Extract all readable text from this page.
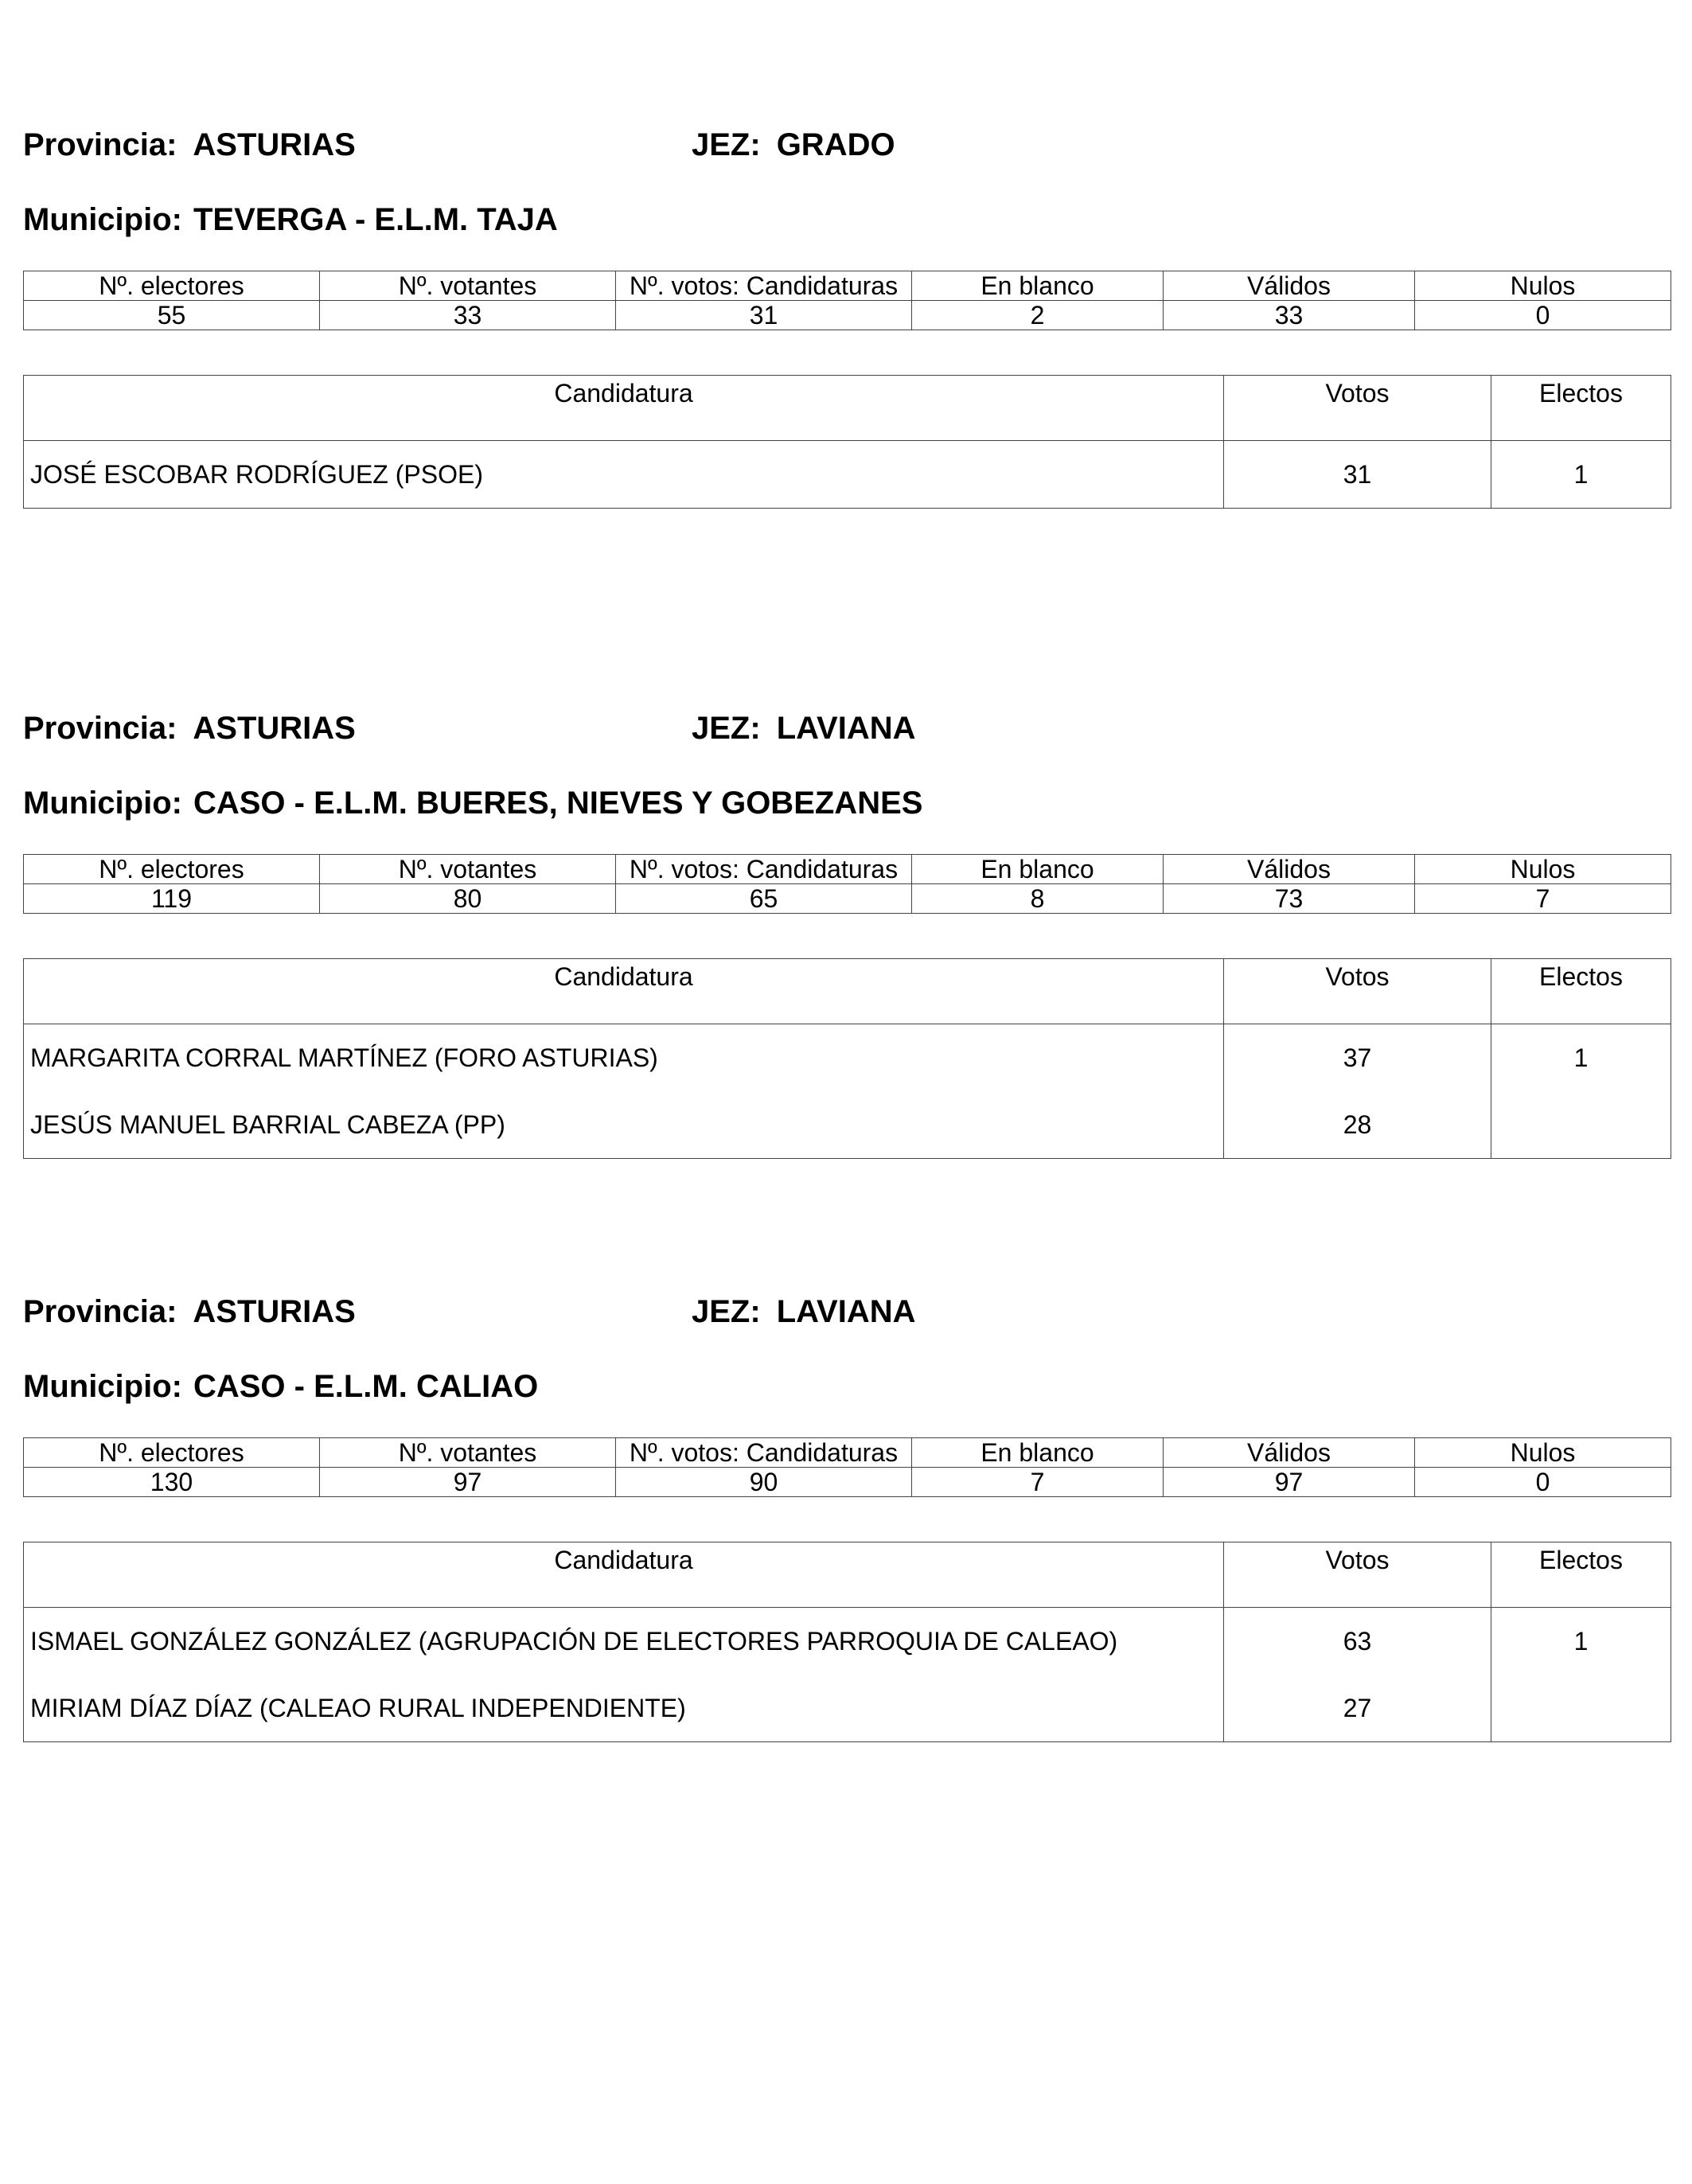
Provincia: ASTURIAS	JEZ: GRADO
Municipio: TEVERGA - E.L.M. TAJA
Nº. electores	Nº. votantes	Nº. votos: Candidaturas	En blanco	Válidos	Nulos
55	33	31	2	33	0
Candidatura	Votos	Electos
JOSÉ ESCOBAR RODRÍGUEZ (PSOE)	31	1
Provincia: ASTURIAS	JEZ: LAVIANA
Municipio: CASO - E.L.M. BUERES, NIEVES Y GOBEZANES
Nº. electores	Nº. votantes	Nº. votos: Candidaturas	En blanco	Válidos	Nulos
119	80	65	8	73	7
Candidatura	Votos	Electos
MARGARITA CORRAL MARTÍNEZ (FORO ASTURIAS)	37	1
JESÚS MANUEL BARRIAL CABEZA (PP)	28	
Provincia: ASTURIAS	JEZ: LAVIANA
Municipio: CASO - E.L.M. CALIAO
Nº. electores	Nº. votantes	Nº. votos: Candidaturas	En blanco	Válidos	Nulos
130	97	90	7	97	0
Candidatura	Votos	Electos
ISMAEL GONZÁLEZ GONZÁLEZ (AGRUPACIÓN DE ELECTORES PARROQUIA DE CALEAO)	63	1
MIRIAM DÍAZ DÍAZ (CALEAO RURAL INDEPENDIENTE)	27	
